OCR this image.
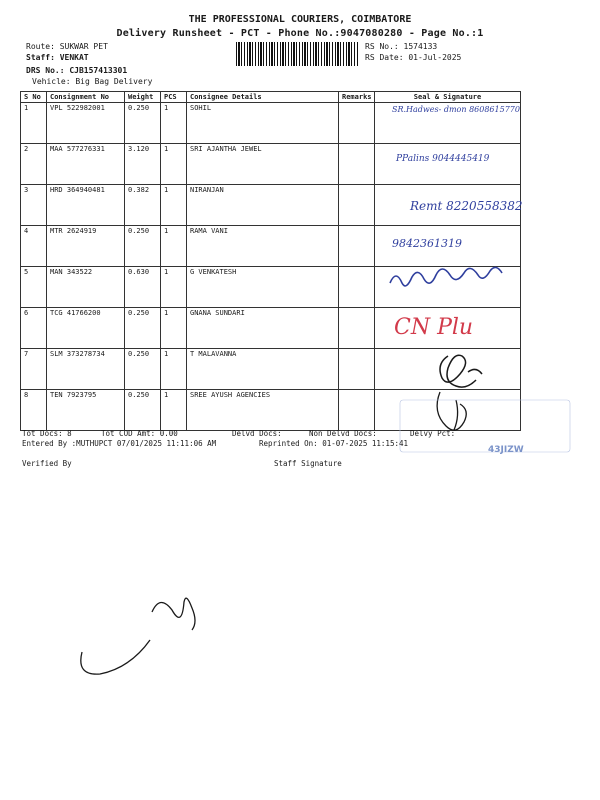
THE PROFESSIONAL COURIERS, COIMBATORE
Delivery Runsheet - PCT - Phone No.:9047080280 - Page No.:1
Route: SUKWAR PET
Staff: VENKAT
DRS No.: CJB157413301
Vehicle: Big Bag Delivery
RS No.: 1574133
RS Date: 01-Jul-2025
S No	Consignment No	Weight	PCS	Consignee Details	Remarks	Seal & Signature
1	VPL 522982001	0.250	1	SOHIL		
2	MAA 577276331	3.120	1	SRI AJANTHA JEWEL		
3	HRD 364940481	0.382	1	NIRANJAN		
4	MTR 2624919	0.250	1	RAMA VANI		
5	MAN 343522	0.630	1	G VENKATESH		
6	TCG 41766200	0.250	1	GNANA SUNDARI		
7	SLM 373278734	0.250	1	T MALAVANNA		
8	TEN 7923795	0.250	1	SREE AYUSH AGENCIES		
SR.Hadwes- dmon 8608615770
PPalins 9044445419
Remt 8220558382
9842361319
CN Plu
43JIZW
Tot Docs: 8	Tot COD Amt: 0.00	Delvd Docs:	Non Delvd Docs:	Delvy Pct:
Entered By :MUTHUPCT 07/01/2025 11:11:06 AM	Reprinted On: 01-07-2025 11:15:41
Verified By	Staff Signature
